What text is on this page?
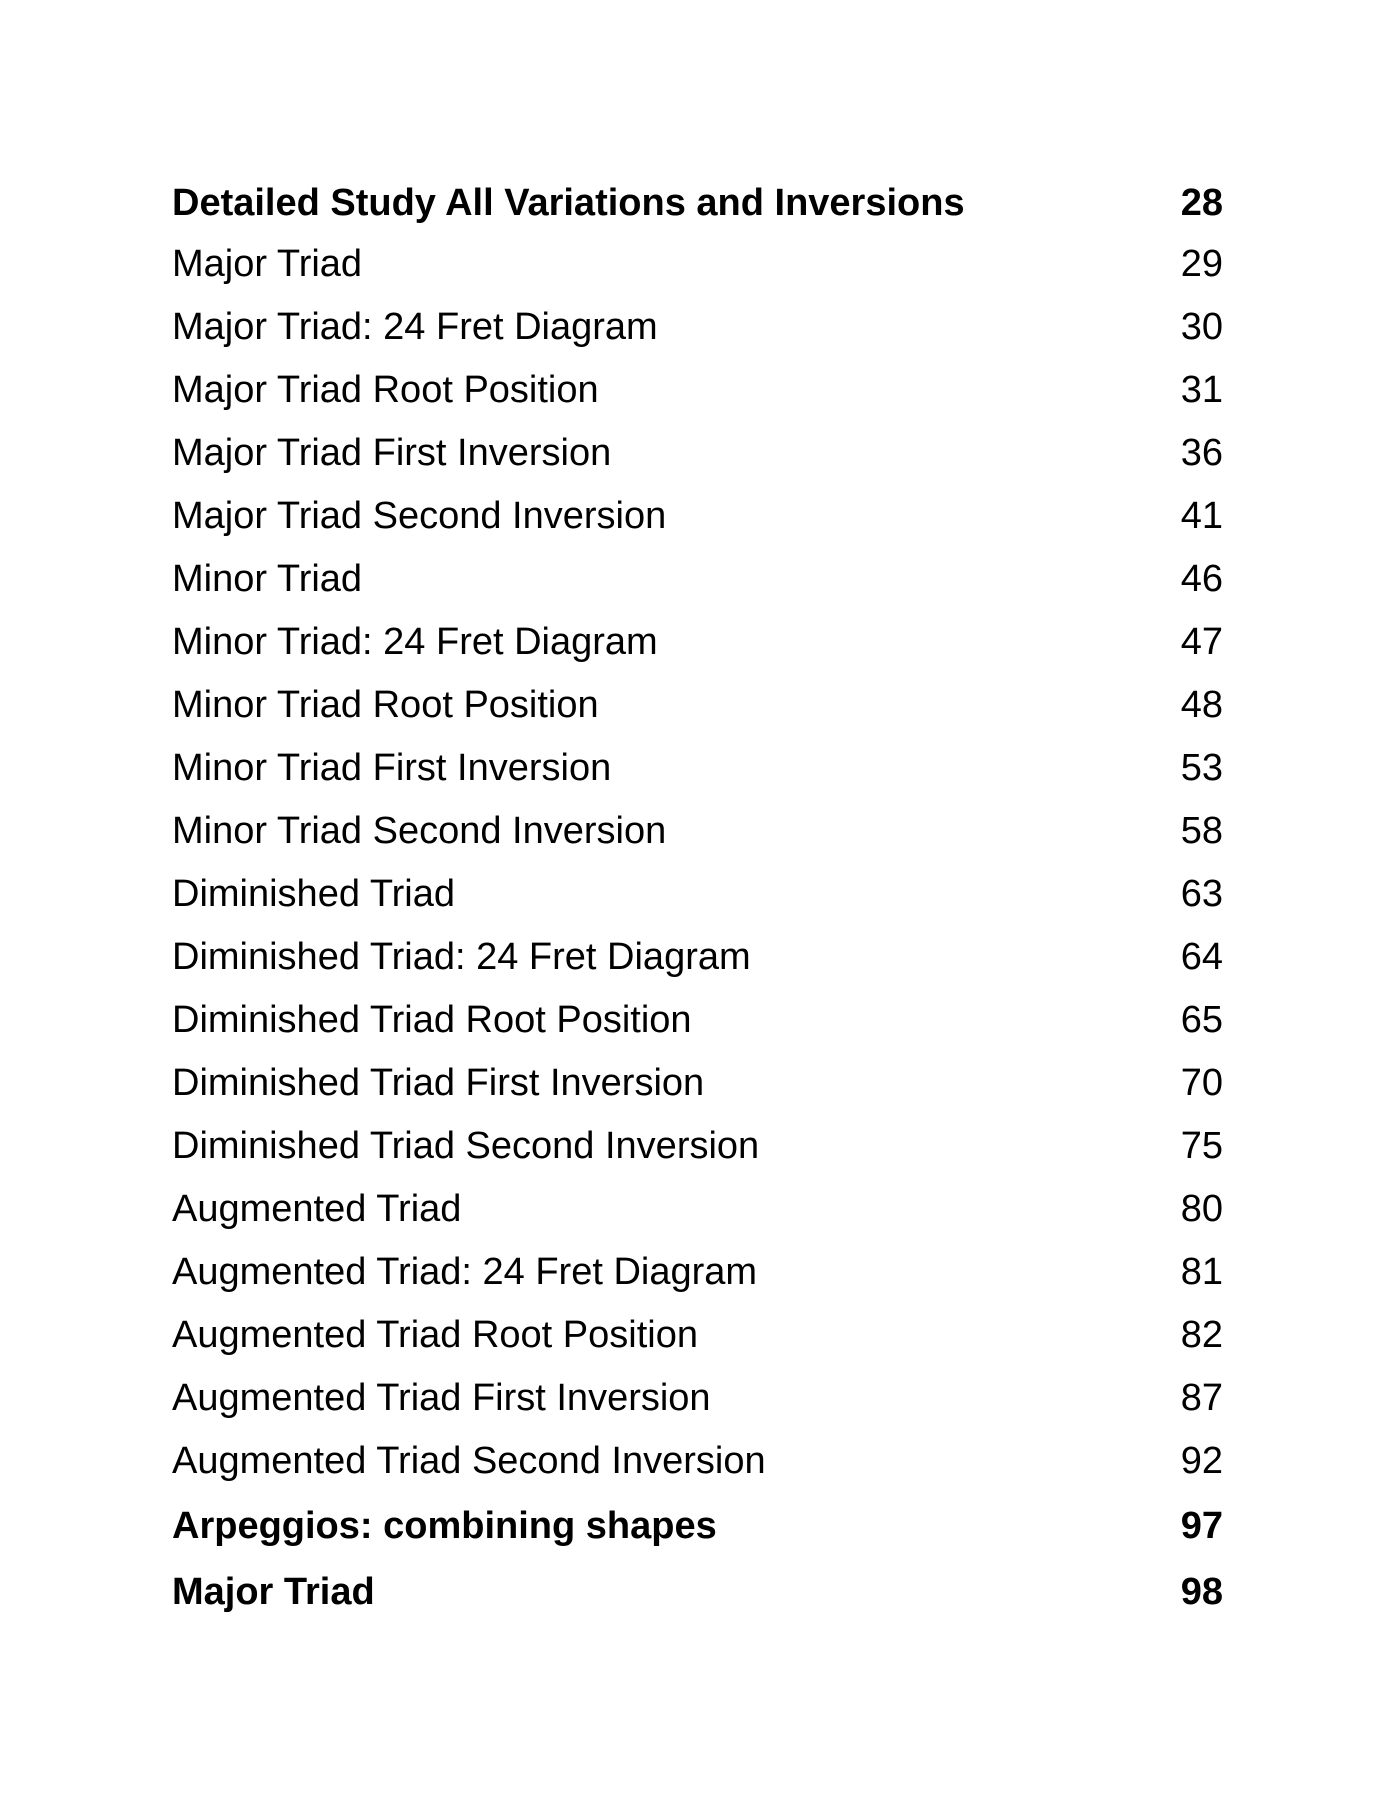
Detailed Study All Variations and Inversions	28
Major Triad	29
Major Triad: 24 Fret Diagram	30
Major Triad Root Position	31
Major Triad First Inversion	36
Major Triad Second Inversion	41
Minor Triad	46
Minor Triad: 24 Fret Diagram	47
Minor Triad Root Position	48
Minor Triad First Inversion	53
Minor Triad Second Inversion	58
Diminished Triad	63
Diminished Triad: 24 Fret Diagram	64
Diminished Triad Root Position	65
Diminished Triad First Inversion	70
Diminished Triad Second Inversion	75
Augmented Triad	80
Augmented Triad: 24 Fret Diagram	81
Augmented Triad Root Position	82
Augmented Triad First Inversion	87
Augmented Triad Second Inversion	92
Arpeggios: combining shapes	97
Major Triad	98
